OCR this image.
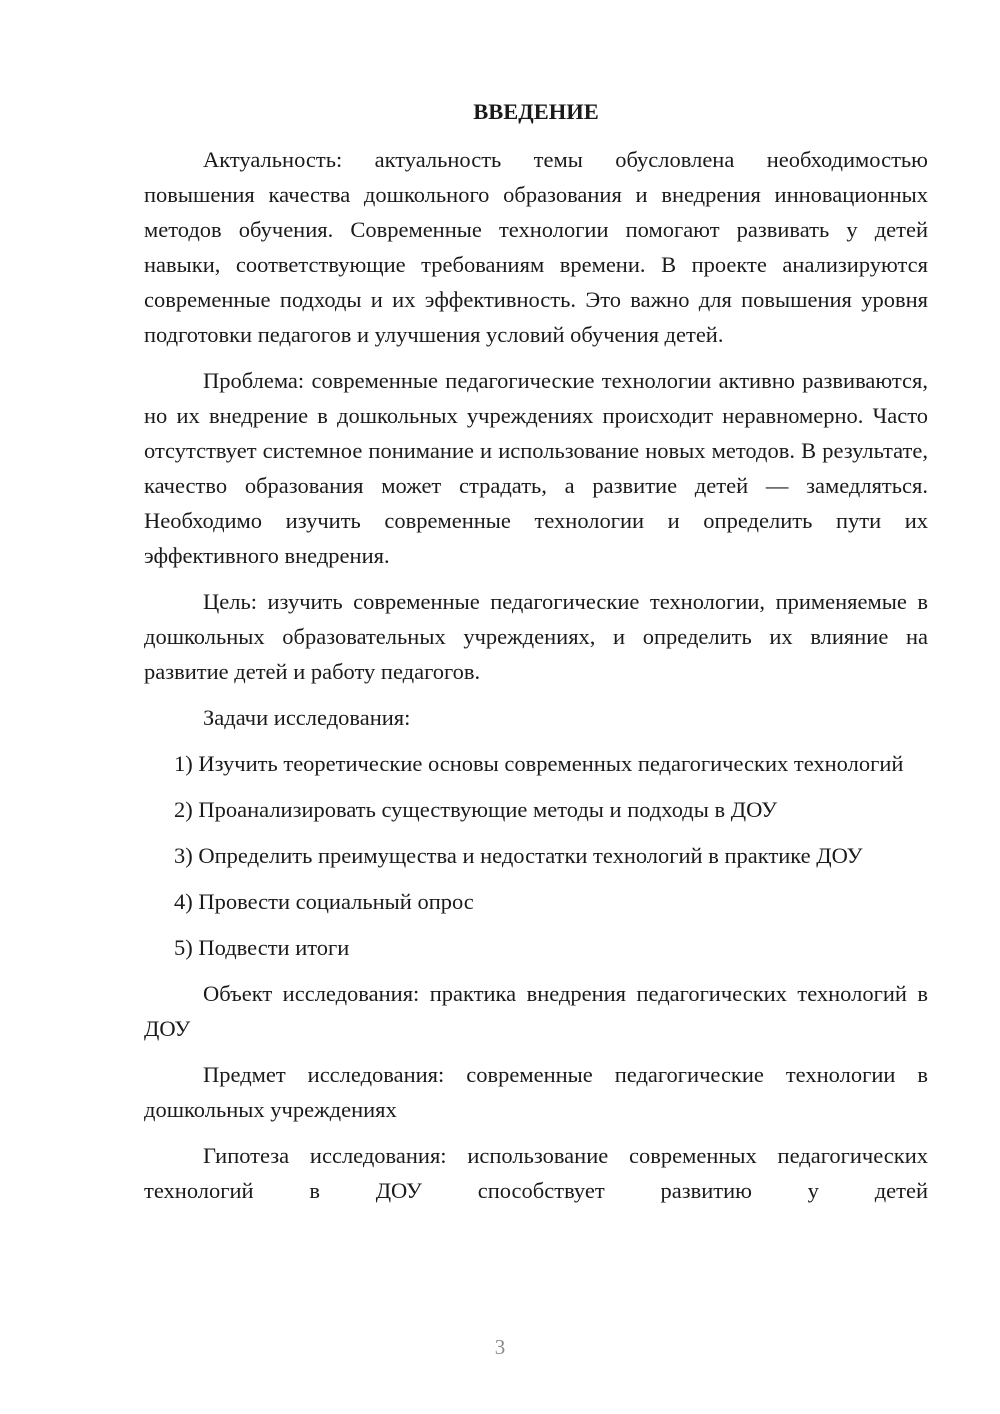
ВВЕДЕНИЕ

Актуальность: актуальность темы обусловлена необходимостью повышения качества дошкольного образования и внедрения инновационных методов обучения. Современные технологии помогают развивать у детей навыки, соответствующие требованиям времени. В проекте анализируются современные подходы и их эффективность. Это важно для повышения уровня подготовки педагогов и улучшения условий обучения детей.

Проблема: современные педагогические технологии активно развиваются, но их внедрение в дошкольных учреждениях происходит неравномерно. Часто отсутствует системное понимание и использование новых методов. В результате, качество образования может страдать, а развитие детей — замедляться. Необходимо изучить современные технологии и определить пути их эффективного внедрения.

Цель: изучить современные педагогические технологии, применяемые в дошкольных образовательных учреждениях, и определить их влияние на развитие детей и работу педагогов.

Задачи исследования:

1) Изучить теоретические основы современных педагогических технологий

2) Проанализировать существующие методы и подходы в ДОУ

3) Определить преимущества и недостатки технологий в практике ДОУ

4) Провести социальный опрос

5) Подвести итоги

Объект исследования: практика внедрения педагогических технологий в ДОУ

Предмет исследования: современные педагогические технологии в дошкольных учреждениях

Гипотеза исследования: использование современных педагогических технологий в ДОУ способствует развитию у детей

3
